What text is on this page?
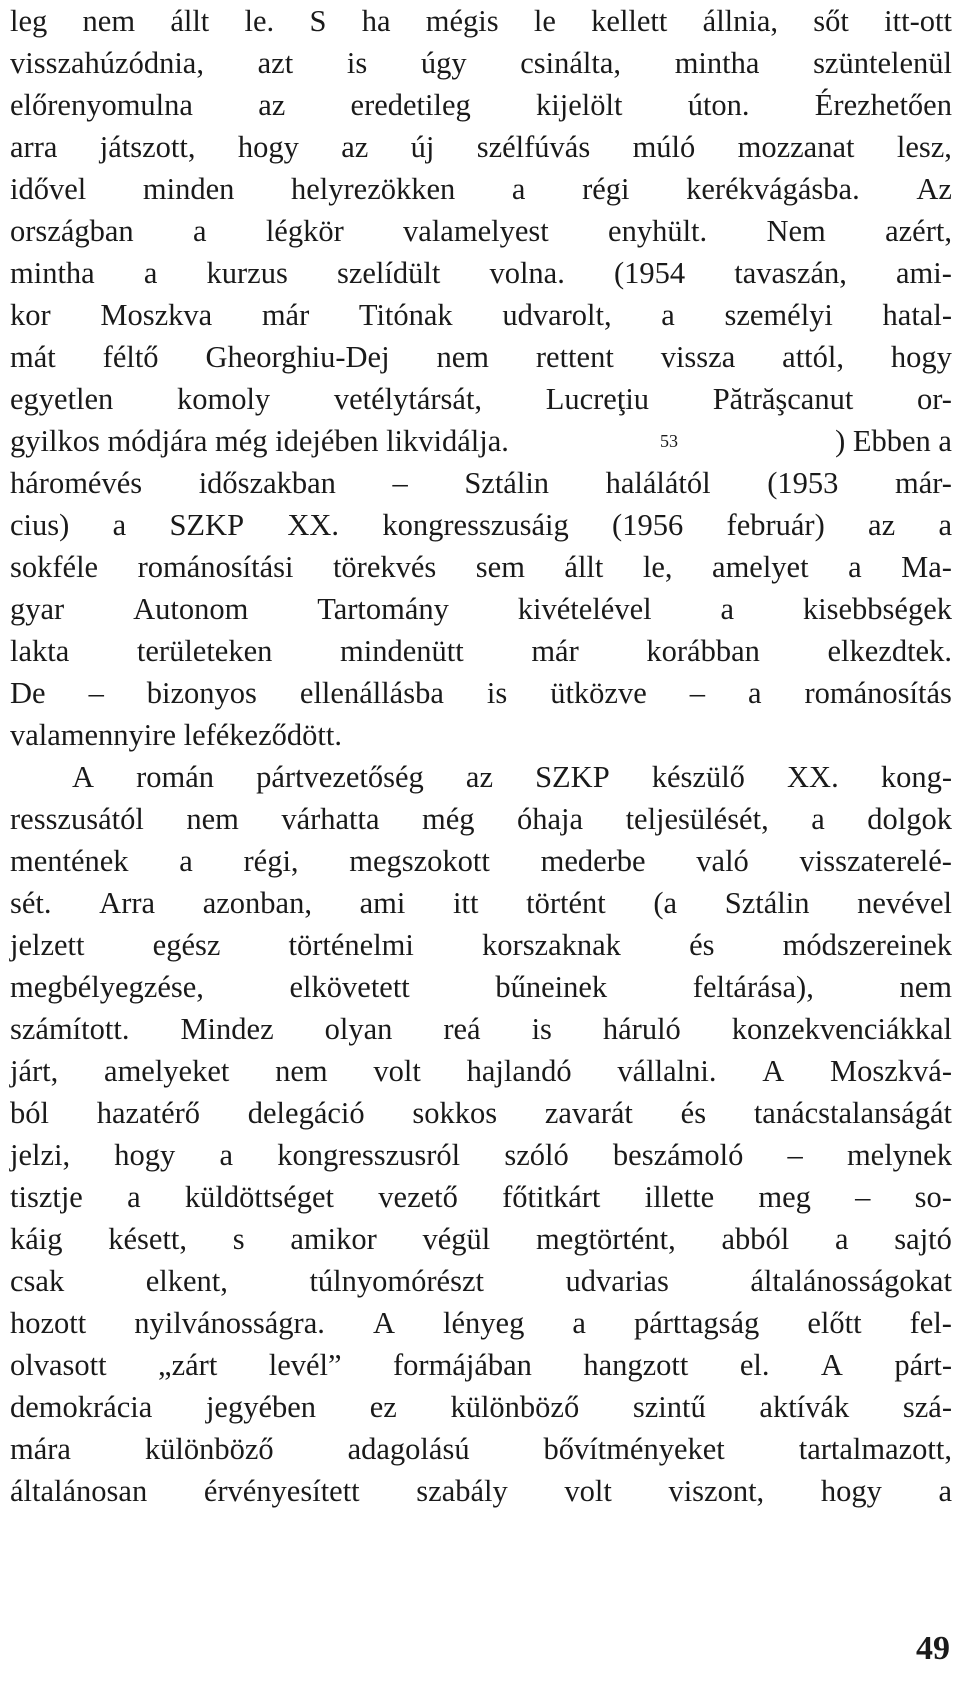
leg nem állt le. S ha mégis le kellett állnia, sőt itt-ott
visszahúzódnia, azt is úgy csinálta, mintha szüntelenül
előrenyomulna az eredetileg kijelölt úton. Érezhetően
arra játszott, hogy az új szélfúvás múló mozzanat lesz,
idővel minden helyrezökken a régi kerékvágásba. Az
országban a légkör valamelyest enyhült. Nem azért,
mintha a kurzus szelídült volna. (1954 tavaszán, ami-
kor Moszkva már Titónak udvarolt, a személyi hatal-
mát féltő Gheorghiu-Dej nem rettent vissza attól, hogy
egyetlen komoly vetélytársát, Lucreţiu Pătrăşcanut or-
gyilkos módjára még idejében likvidálja.	$^{53}$	) Ebben a
háromévés időszakban – Sztálin halálától (1953 már-
cius) a SZKP XX. kongresszusáig (1956 február) az a
sokféle románosítási törekvés sem állt le, amelyet a Ma-
gyar Autonom Tartomány kivételével a kisebbségek
lakta területeken mindenütt már korábban elkezdtek.
De – bizonyos ellenállásba is ütközve – a románosítás
valamennyire lefékeződött.
A román pártvezetőség az SZKP készülő XX. kong-
resszusától nem várhatta még óhaja teljesülését, a dolgok
mentének a régi, megszokott mederbe való visszaterelé-
sét. Arra azonban, ami itt történt (a Sztálin nevével
jelzett egész történelmi korszaknak és módszereinek
megbélyegzése,	elkövetett	bűneinek	feltárása),	nem
számított. Mindez olyan reá is háruló konzekvenciákkal
járt, amelyeket nem volt hajlandó vállalni. A Moszkvá-
ból hazatérő delegáció sokkos zavarát és tanácstalanságát
jelzi, hogy a kongresszusról szóló beszámoló – melynek
tisztje a küldöttséget vezető főtitkárt illette meg – so-
káig késett, s amikor végül megtörtént, abból a sajtó
csak	elkent,	túlnyomórészt	udvarias	általánosságokat
hozott nyilvánosságra. A lényeg a párttagság előtt fel-
olvasott „zárt levél” formájában hangzott el. A párt-
demokrácia jegyében ez különböző szintű aktívák szá-
mára különböző adagolású bővítményeket tartalmazott,
általánosan érvényesített szabály volt viszont, hogy a
49
